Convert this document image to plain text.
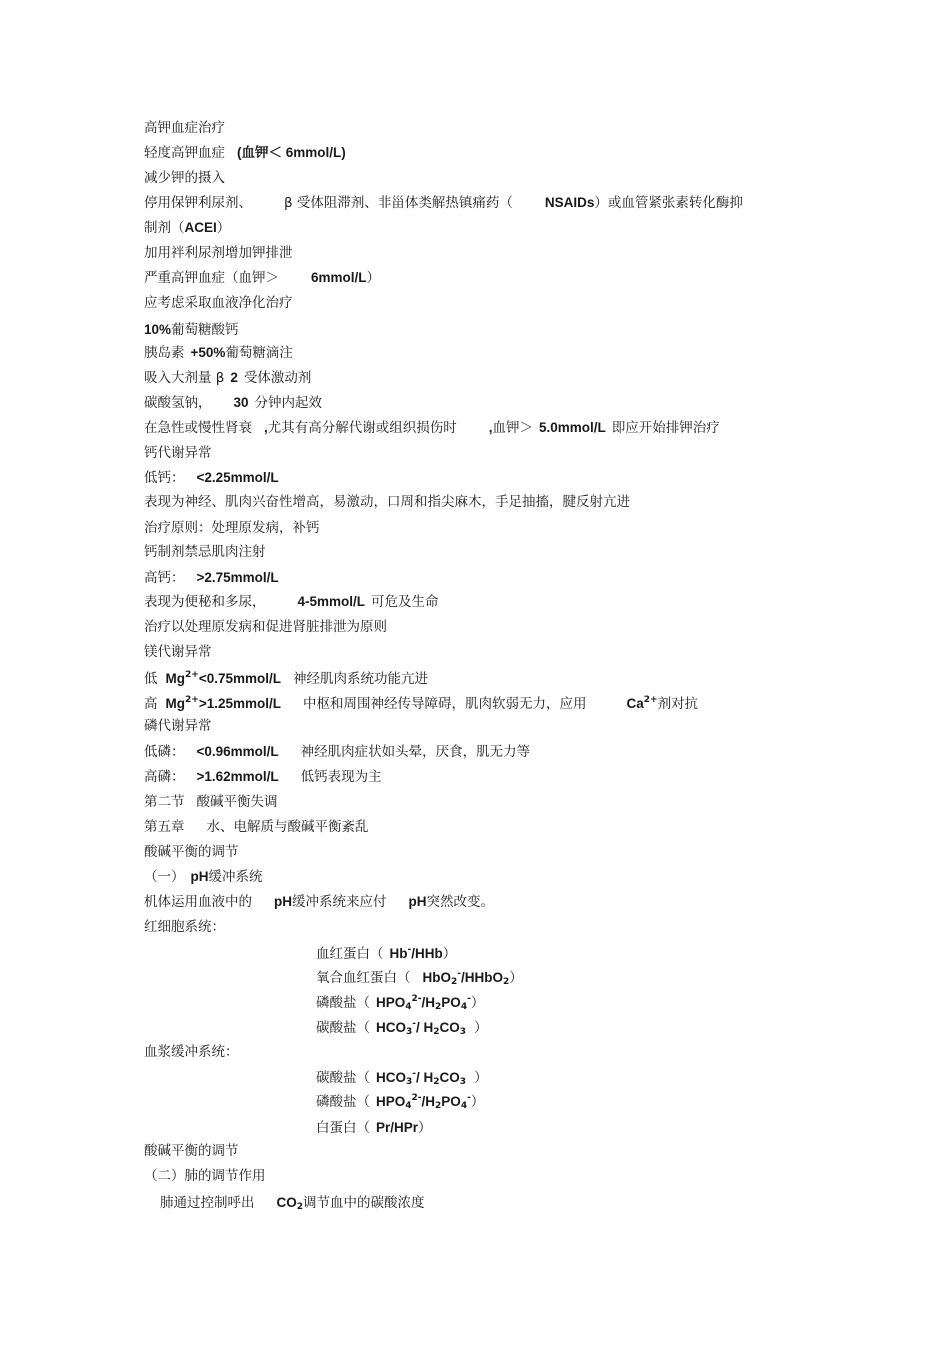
高钾血症治疗
轻度高钾血症 (血钾＜ 6mmol/L)
减少钾的摄入
停用保钾利尿剂、 β 受体阻滞剂、非甾体类解热镇痛药（ NSAIDs）或血管紧张素转化酶抑
制剂（ACEI）
加用袢利尿剂增加钾排泄
严重高钾血症（血钾＞ 6mmol/L）
应考虑采取血液净化治疗
10%葡萄糖酸钙
胰岛素 +50%葡萄糖滴注
吸入大剂量 β 2 受体激动剂
碳酸氢钠， 30 分钟内起效
在急性或慢性肾衰 ,尤其有高分解代谢或组织损伤时 ,血钾＞ 5.0mmol/L 即应开始排钾治疗
钙代谢异常
低钙： <2.25mmol/L
表现为神经、肌肉兴奋性增高，易激动，口周和指尖麻木，手足抽搐，腱反射亢进
治疗原则：处理原发病，补钙
钙制剂禁忌肌肉注射
高钙： >2.75mmol/L
表现为便秘和多尿， 4-5mmol/L 可危及生命
治疗以处理原发病和促进肾脏排泄为原则
镁代谢异常
低 $Mg^{2+}<0.75mmol/L$ 神经肌肉系统功能亢进
高 $Mg^{2+}>1.25mmol/L$ 中枢和周围神经传导障碍，肌肉软弱无力，应用	$Ca^{2+}$剂对抗
磷代谢异常
低磷： <0.96mmol/L 神经肌肉症状如头晕，厌食，肌无力等
高磷： >1.62mmol/L 低钙表现为主
第二节 酸碱平衡失调
第五章 水、电解质与酸碱平衡紊乱
酸碱平衡的调节
（一） pH缓冲系统
机体运用血液中的 pH缓冲系统来应付 pH突然改变。
红细胞系统：
血红蛋白（ Hb-/HHb）
氧合血红蛋白（ HbO$_2$-/HHbO$_2$）
磷酸盐（ $HPO_4^{2-}/H_2PO_4^-$）
碳酸盐（ $HCO_3^-/$ $H_2CO_3$ ）
血浆缓冲系统：
碳酸盐（ $HCO_3^-/$ $H_2CO_3$ ）
磷酸盐（ $HPO_4^{2-}/H_2PO_4^-$）
白蛋白（ Pr/HPr）
酸碱平衡的调节
（二）肺的调节作用
肺通过控制呼出 $CO_2$调节血中的碳酸浓度
